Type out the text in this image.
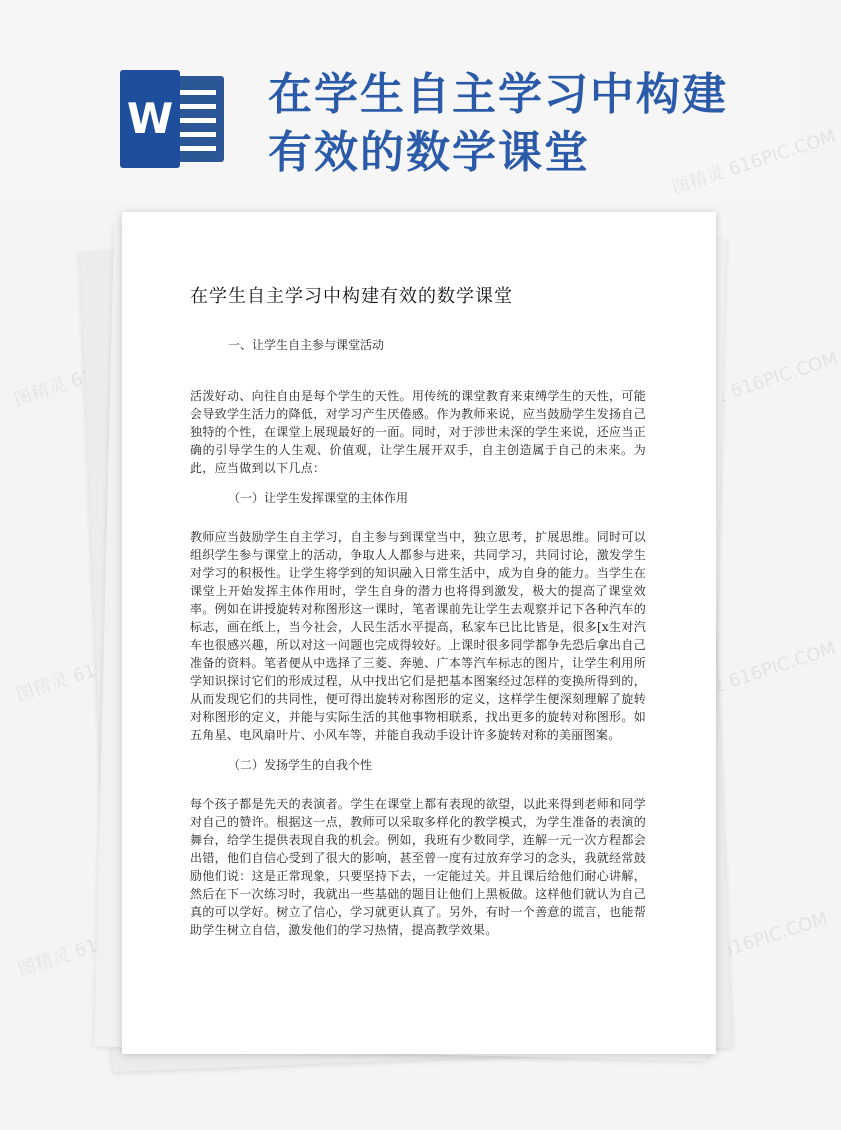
W 在学生自主学习中构建有效的数学课堂
图精灵	图精灵 616PIC.COM
图精灵	图精灵 616PIC.COM
图精灵	图精灵 616PIC.COM
在学生自主学习中构建有效的数学课堂
一、让学生自主参与课堂活动

活泼好动、向往自由是每个学生的天性。用传统的课堂教育来束缚学生的天性，可能会导致学生活力的降低，对学习产生厌倦感。作为教师来说，应当鼓励学生发扬自己独特的个性，在课堂上展现最好的一面。同时，对于涉世未深的学生来说，还应当正确的引导学生的人生观、价值观，让学生展开双手，自主创造属于自己的未来。为此，应当做到以下几点：

（一）让学生发挥课堂的主体作用

教师应当鼓励学生自主学习，自主参与到课堂当中，独立思考，扩展思维。同时可以组织学生参与课堂上的活动，争取人人都参与进来，共同学习，共同讨论，激发学生对学习的积极性。让学生将学到的知识融入日常生活中，成为自身的能力。当学生在课堂上开始发挥主体作用时，学生自身的潜力也将得到激发，极大的提高了课堂效率。例如在讲授旋转对称图形这一课时，笔者课前先让学生去观察并记下各种汽车的标志，画在纸上，当今社会，人民生活水平提高，私家车已比比皆是，很多[x生对汽车也很感兴趣，所以对这一问题也完成得较好。上课时很多同学都争先恐后拿出自己准备的资料。笔者便从中选择了三菱、奔驰、广本等汽车标志的图片，让学生利用所学知识探讨它们的形成过程，从中找出它们是把基本图案经过怎样的变换所得到的，从而发现它们的共同性，便可得出旋转对称图形的定义，这样学生便深刻理解了旋转对称图形的定义，并能与实际生活的其他事物相联系，找出更多的旋转对称图形。如五角星、电风扇叶片、小风车等，并能自我动手设计许多旋转对称的美丽图案。

（二）发扬学生的自我个性

每个孩子都是先天的表演者。学生在课堂上都有表现的欲望，以此来得到老师和同学对自己的赞许。根据这一点，教师可以采取多样化的教学模式，为学生准备的表演的舞台，给学生提供表现自我的机会。例如，我班有少数同学，连解一元一次方程都会出错，他们自信心受到了很大的影响，甚至曾一度有过放弃学习的念头，我就经常鼓励他们说：这是正常现象，只要坚持下去，一定能过关。并且课后给他们耐心讲解，然后在下一次练习时，我就出一些基础的题目让他们上黑板做。这样他们就认为自己真的可以学好。树立了信心，学习就更认真了。另外，有时一个善意的谎言，也能帮助学生树立自信，激发他们的学习热情，提高教学效果。
